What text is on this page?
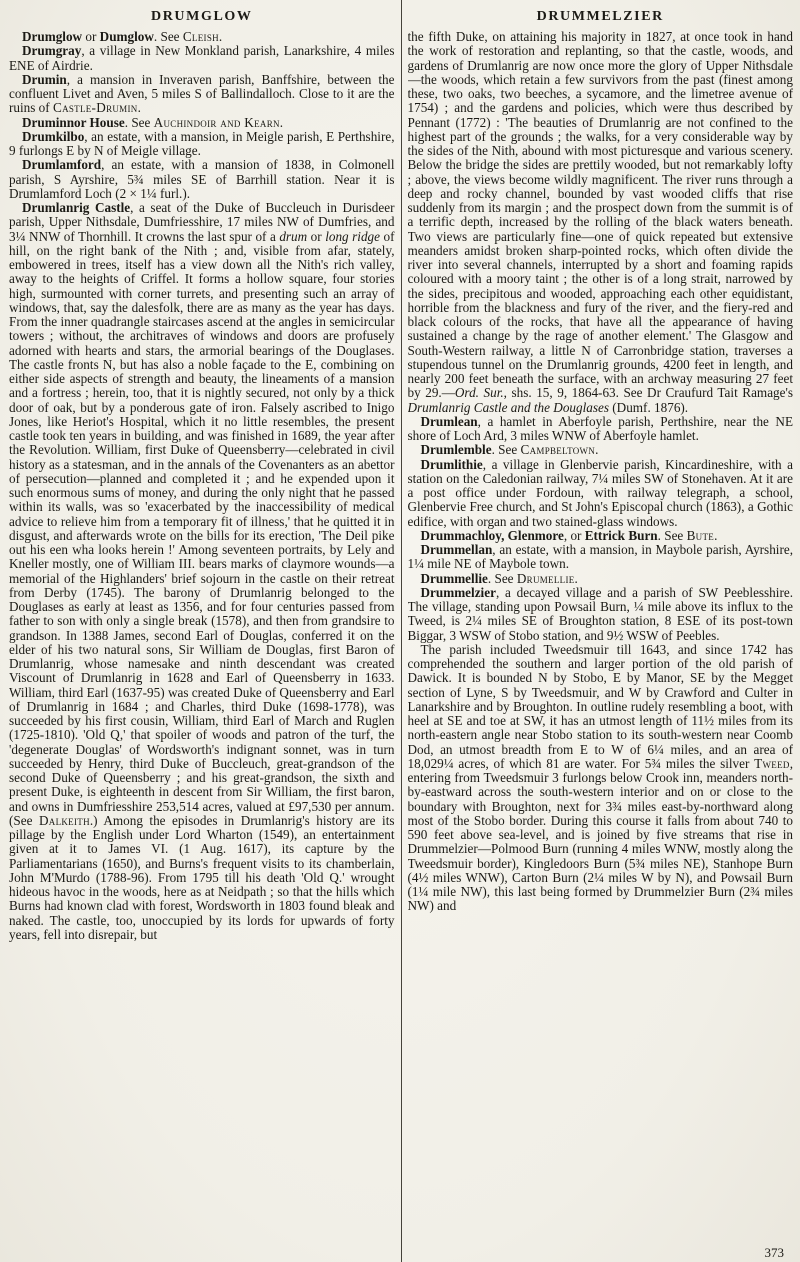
DRUMGLOW

Drumglow or Dumglow. See Cleish.

Drumgray, a village in New Monkland parish, Lanarkshire, 4 miles ENE of Airdrie.

Drumin, a mansion in Inveraven parish, Banffshire, between the confluent Livet and Aven, 5 miles S of Ballindalloch. Close to it are the ruins of Castle-Drumin.

Druminnor House. See Auchindoir and Kearn.

Drumkilbo, an estate, with a mansion, in Meigle parish, E Perthshire, 9 furlongs E by N of Meigle village.

Drumlamford, an estate, with a mansion of 1838, in Colmonell parish, S Ayrshire, 5¾ miles SE of Barrhill station. Near it is Drumlamford Loch (2 × 1¼ furl.).

Drumlanrig Castle, a seat of the Duke of Buccleuch in Durisdeer parish, Upper Nithsdale, Dumfriesshire, 17 miles NW of Dumfries, and 3¼ NNW of Thornhill. It crowns the last spur of a drum or long ridge of hill, on the right bank of the Nith ; and, visible from afar, stately, embowered in trees, itself has a view down all the Nith's rich valley, away to the heights of Criffel. It forms a hollow square, four stories high, surmounted with corner turrets, and presenting such an array of windows, that, say the dalesfolk, there are as many as the year has days. From the inner quadrangle staircases ascend at the angles in semicircular towers ; without, the architraves of windows and doors are profusely adorned with hearts and stars, the armorial bearings of the Douglases. The castle fronts N, but has also a noble façade to the E, combining on either side aspects of strength and beauty, the lineaments of a mansion and a fortress ; herein, too, that it is nightly secured, not only by a thick door of oak, but by a ponderous gate of iron. Falsely ascribed to Inigo Jones, like Heriot's Hospital, which it no little resembles, the present castle took ten years in building, and was finished in 1689, the year after the Revolution. William, first Duke of Queensberry—celebrated in civil history as a statesman, and in the annals of the Covenanters as an abettor of persecution—planned and completed it ; and he expended upon it such enormous sums of money, and during the only night that he passed within its walls, was so 'exacerbated by the inaccessibility of medical advice to relieve him from a temporary fit of illness,' that he quitted it in disgust, and afterwards wrote on the bills for its erection, 'The Deil pike out his een wha looks herein !' Among seventeen portraits, by Lely and Kneller mostly, one of William III. bears marks of claymore wounds—a memorial of the Highlanders' brief sojourn in the castle on their retreat from Derby (1745). The barony of Drumlanrig belonged to the Douglases as early at least as 1356, and for four centuries passed from father to son with only a single break (1578), and then from grandsire to grandson. In 1388 James, second Earl of Douglas, conferred it on the elder of his two natural sons, Sir William de Douglas, first Baron of Drumlanrig, whose namesake and ninth descendant was created Viscount of Drumlanrig in 1628 and Earl of Queensberry in 1633. William, third Earl (1637-95) was created Duke of Queensberry and Earl of Drumlanrig in 1684 ; and Charles, third Duke (1698-1778), was succeeded by his first cousin, William, third Earl of March and Ruglen (1725-1810). 'Old Q,' that spoiler of woods and patron of the turf, the 'degenerate Douglas' of Wordsworth's indignant sonnet, was in turn succeeded by Henry, third Duke of Buccleuch, great-grandson of the second Duke of Queensberry ; and his great-grandson, the sixth and present Duke, is eighteenth in descent from Sir William, the first baron, and owns in Dumfriesshire 253,514 acres, valued at £97,530 per annum. (See Dalkeith.) Among the episodes in Drumlanrig's history are its pillage by the English under Lord Wharton (1549), an entertainment given at it to James VI. (1 Aug. 1617), its capture by the Parliamentarians (1650), and Burns's frequent visits to its chamberlain, John M'Murdo (1788-96). From 1795 till his death 'Old Q.' wrought hideous havoc in the woods, here as at Neidpath ; so that the hills which Burns had known clad with forest, Wordsworth in 1803 found bleak and naked. The castle, too, unoccupied by its lords for upwards of forty years, fell into disrepair, but

DRUMMELZIER

the fifth Duke, on attaining his majority in 1827, at once took in hand the work of restoration and replanting, so that the castle, woods, and gardens of Drumlanrig are now once more the glory of Upper Nithsdale—the woods, which retain a few survivors from the past (finest among these, two oaks, two beeches, a sycamore, and the limetree avenue of 1754) ; and the gardens and policies, which were thus described by Pennant (1772) : 'The beauties of Drumlanrig are not confined to the highest part of the grounds ; the walks, for a very considerable way by the sides of the Nith, abound with most picturesque and various scenery. Below the bridge the sides are prettily wooded, but not remarkably lofty ; above, the views become wildly magnificent. The river runs through a deep and rocky channel, bounded by vast wooded cliffs that rise suddenly from its margin ; and the prospect down from the summit is of a terrific depth, increased by the rolling of the black waters beneath. Two views are particularly fine—one of quick repeated but extensive meanders amidst broken sharp-pointed rocks, which often divide the river into several channels, interrupted by a short and foaming rapids coloured with a moory taint ; the other is of a long strait, narrowed by the sides, precipitous and wooded, approaching each other equidistant, horrible from the blackness and fury of the river, and the fiery-red and black colours of the rocks, that have all the appearance of having sustained a change by the rage of another element.' The Glasgow and South-Western railway, a little N of Carronbridge station, traverses a stupendous tunnel on the Drumlanrig grounds, 4200 feet in length, and nearly 200 feet beneath the surface, with an archway measuring 27 feet by 29.—Ord. Sur., shs. 15, 9, 1864-63. See Dr Craufurd Tait Ramage's Drumlanrig Castle and the Douglases (Dumf. 1876).

Drumlean, a hamlet in Aberfoyle parish, Perthshire, near the NE shore of Loch Ard, 3 miles WNW of Aberfoyle hamlet.

Drumlemble. See Campbeltown.

Drumlithie, a village in Glenbervie parish, Kincardineshire, with a station on the Caledonian railway, 7¼ miles SW of Stonehaven. At it are a post office under Fordoun, with railway telegraph, a school, Glenbervie Free church, and St John's Episcopal church (1863), a Gothic edifice, with organ and two stained-glass windows.

Drummachloy, Glenmore, or Ettrick Burn. See Bute.

Drummellan, an estate, with a mansion, in Maybole parish, Ayrshire, 1¼ mile NE of Maybole town.

Drummellie. See Drumellie.

Drummelzier, a decayed village and a parish of SW Peeblesshire. The village, standing upon Powsail Burn, ¼ mile above its influx to the Tweed, is 2¼ miles SE of Broughton station, 8 ESE of its post-town Biggar, 3 WSW of Stobo station, and 9½ WSW of Peebles.

The parish included Tweedsmuir till 1643, and since 1742 has comprehended the southern and larger portion of the old parish of Dawick. It is bounded N by Stobo, E by Manor, SE by the Megget section of Lyne, S by Tweedsmuir, and W by Crawford and Culter in Lanarkshire and by Broughton. In outline rudely resembling a boot, with heel at SE and toe at SW, it has an utmost length of 11½ miles from its north-eastern angle near Stobo station to its south-western near Coomb Dod, an utmost breadth from E to W of 6¼ miles, and an area of 18,029¼ acres, of which 81 are water. For 5¾ miles the silver Tweed, entering from Tweedsmuir 3 furlongs below Crook inn, meanders north-by-eastward across the south-western interior and on or close to the boundary with Broughton, next for 3¾ miles east-by-northward along most of the Stobo border. During this course it falls from about 740 to 590 feet above sea-level, and is joined by five streams that rise in Drummelzier—Polmood Burn (running 4 miles WNW, mostly along the Tweedsmuir border), Kingledoors Burn (5¾ miles NE), Stanhope Burn (4½ miles WNW), Carton Burn (2¼ miles W by N), and Powsail Burn (1¼ mile NW), this last being formed by Drummelzier Burn (2¾ miles NW) and

373
